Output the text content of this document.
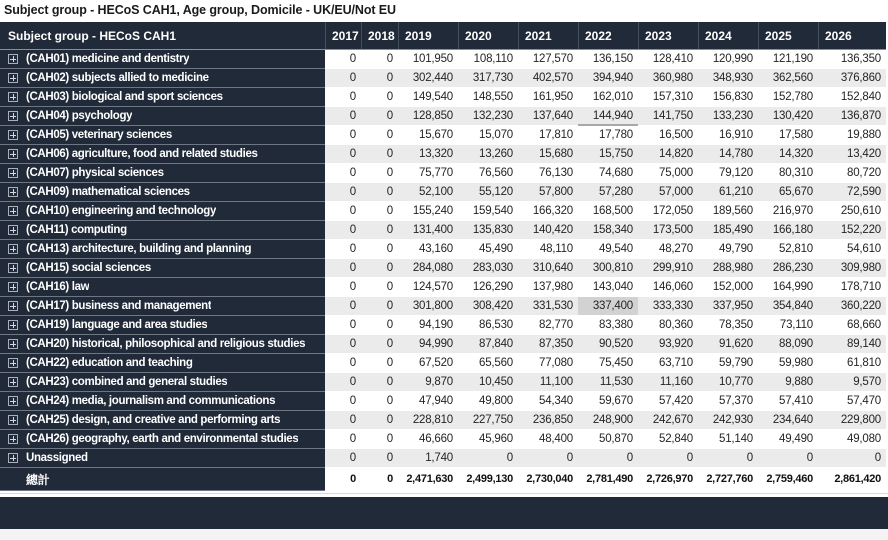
Subject group - HECoS CAH1, Age group, Domicile - UK/EU/Not EU
Subject group - HECoS CAH1	2017 2018 2019	2020	2021	2022	2023	2024	2025	2026
(CAH01) medicine and dentistry	0	0	101,950	108,110	127,570	136,150	128,410	120,990	121,190	136,350
(CAH02) subjects allied to medicine	0	0	302,440	317,730	402,570	394,940	360,980	348,930	362,560	376,860
(CAH03) biological and sport sciences	0	0	149,540	148,550	161,950	162,010	157,310	156,830	152,780	152,840
(CAH04) psychology	0	0	128,850	132,230	137,640	144,940	141,750	133,230	130,420	136,870
(CAH05) veterinary sciences	0	0	15,670	15,070	17,810	17,780	16,500	16,910	17,580	19,880
(CAH06) agriculture, food and related studies	0	0	13,320	13,260	15,680	15,750	14,820	14,780	14,320	13,420
(CAH07) physical sciences	0	0	75,770	76,560	76,130	74,680	75,000	79,120	80,310	80,720
(CAH09) mathematical sciences	0	0	52,100	55,120	57,800	57,280	57,000	61,210	65,670	72,590
(CAH10) engineering and technology	0	0	155,240	159,540	166,320	168,500	172,050	189,560	216,970	250,610
(CAH11) computing	0	0	131,400	135,830	140,420	158,340	173,500	185,490	166,180	152,220
(CAH13) architecture, building and planning	0	0	43,160	45,490	48,110	49,540	48,270	49,790	52,810	54,610
(CAH15) social sciences	0	0	284,080	283,030	310,640	300,810	299,910	288,980	286,230	309,980
(CAH16) law	0	0	124,570	126,290	137,980	143,040	146,060	152,000	164,990	178,710
(CAH17) business and management	0	0	301,800	308,420	331,530	337,400	333,330	337,950	354,840	360,220
(CAH19) language and area studies	0	0	94,190	86,530	82,770	83,380	80,360	78,350	73,110	68,660
(CAH20) historical, philosophical and religious studies	0	0	94,990	87,840	87,350	90,520	93,920	91,620	88,090	89,140
(CAH22) education and teaching	0	0	67,520	65,560	77,080	75,450	63,710	59,790	59,980	61,810
(CAH23) combined and general studies	0	0	9,870	10,450	11,100	11,530	11,160	10,770	9,880	9,570
(CAH24) media, journalism and communications	0	0	47,940	49,800	54,340	59,670	57,420	57,370	57,410	57,470
(CAH25) design, and creative and performing arts	0	0	228,810	227,750	236,850	248,900	242,670	242,930	234,640	229,800
(CAH26) geography, earth and environmental studies	0	0	46,660	45,960	48,400	50,870	52,840	51,140	49,490	49,080
Unassigned	0	0	1,740	0	0	0	0	0	0	0
總計	0	0	2,471,630	2,499,130	2,730,040	2,781,490	2,726,970	2,727,760	2,759,460	2,861,420
